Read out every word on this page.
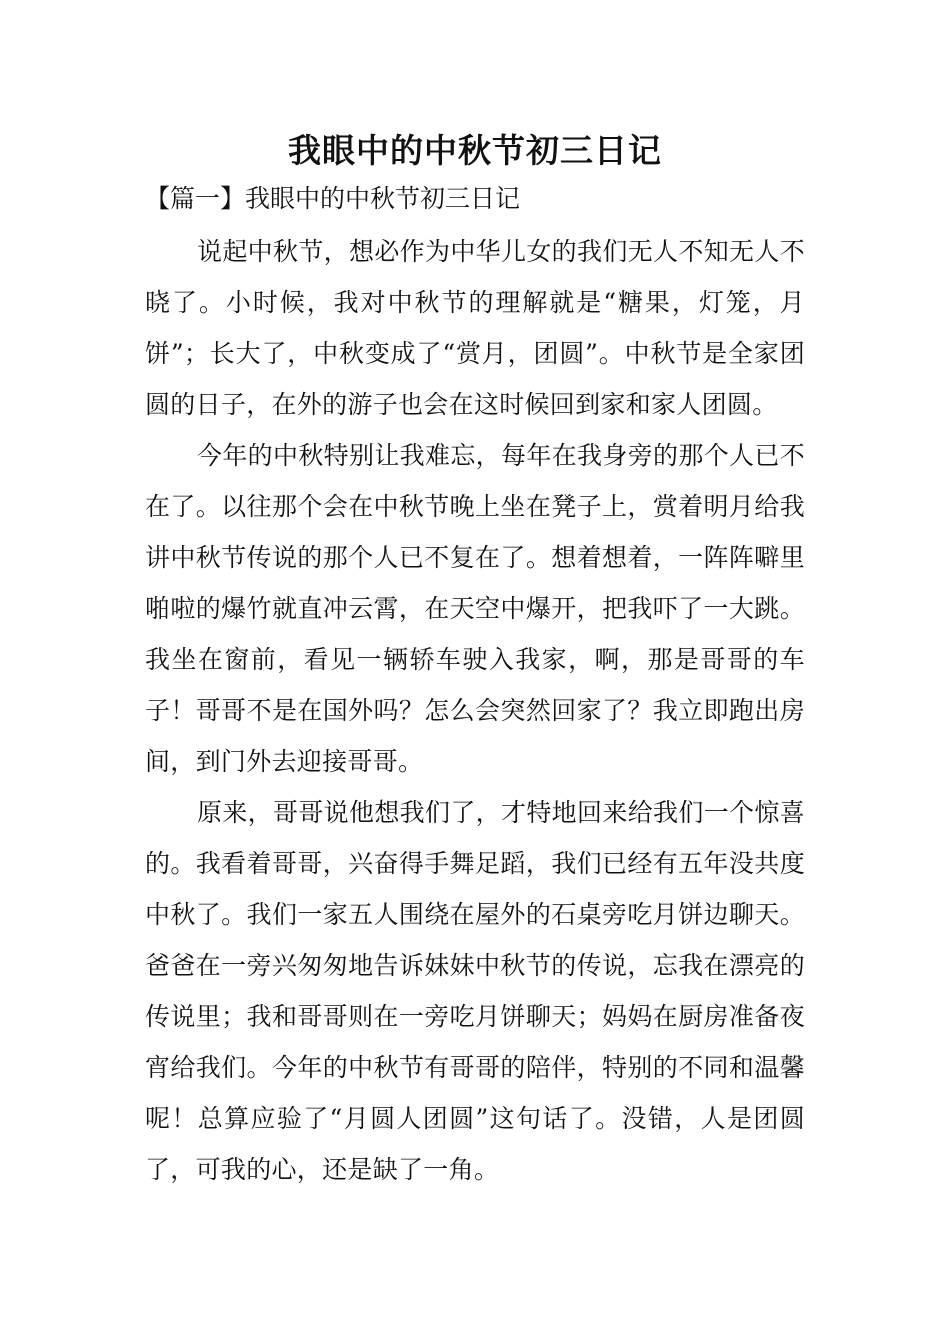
我眼中的中秋节初三日记
【篇一】我眼中的中秋节初三日记

说起中秋节，想必作为中华儿女的我们无人不知无人不晓了。小时候，我对中秋节的理解就是“糖果，灯笼，月饼”；长大了，中秋变成了“赏月，团圆”。中秋节是全家团圆的日子，在外的游子也会在这时候回到家和家人团圆。

今年的中秋特别让我难忘，每年在我身旁的那个人已不在了。以往那个会在中秋节晚上坐在凳子上，赏着明月给我讲中秋节传说的那个人已不复在了。想着想着，一阵阵噼里啪啦的爆竹就直冲云霄，在天空中爆开，把我吓了一大跳。我坐在窗前，看见一辆轿车驶入我家，啊，那是哥哥的车子！哥哥不是在国外吗？怎么会突然回家了？我立即跑出房间，到门外去迎接哥哥。

原来，哥哥说他想我们了，才特地回来给我们一个惊喜的。我看着哥哥，兴奋得手舞足蹈，我们已经有五年没共度中秋了。我们一家五人围绕在屋外的石桌旁吃月饼边聊天。爸爸在一旁兴匆匆地告诉妹妹中秋节的传说，忘我在漂亮的传说里；我和哥哥则在一旁吃月饼聊天；妈妈在厨房准备夜宵给我们。今年的中秋节有哥哥的陪伴，特别的不同和温馨呢！总算应验了“月圆人团圆”这句话了。没错，人是团圆了，可我的心，还是缺了一角。
